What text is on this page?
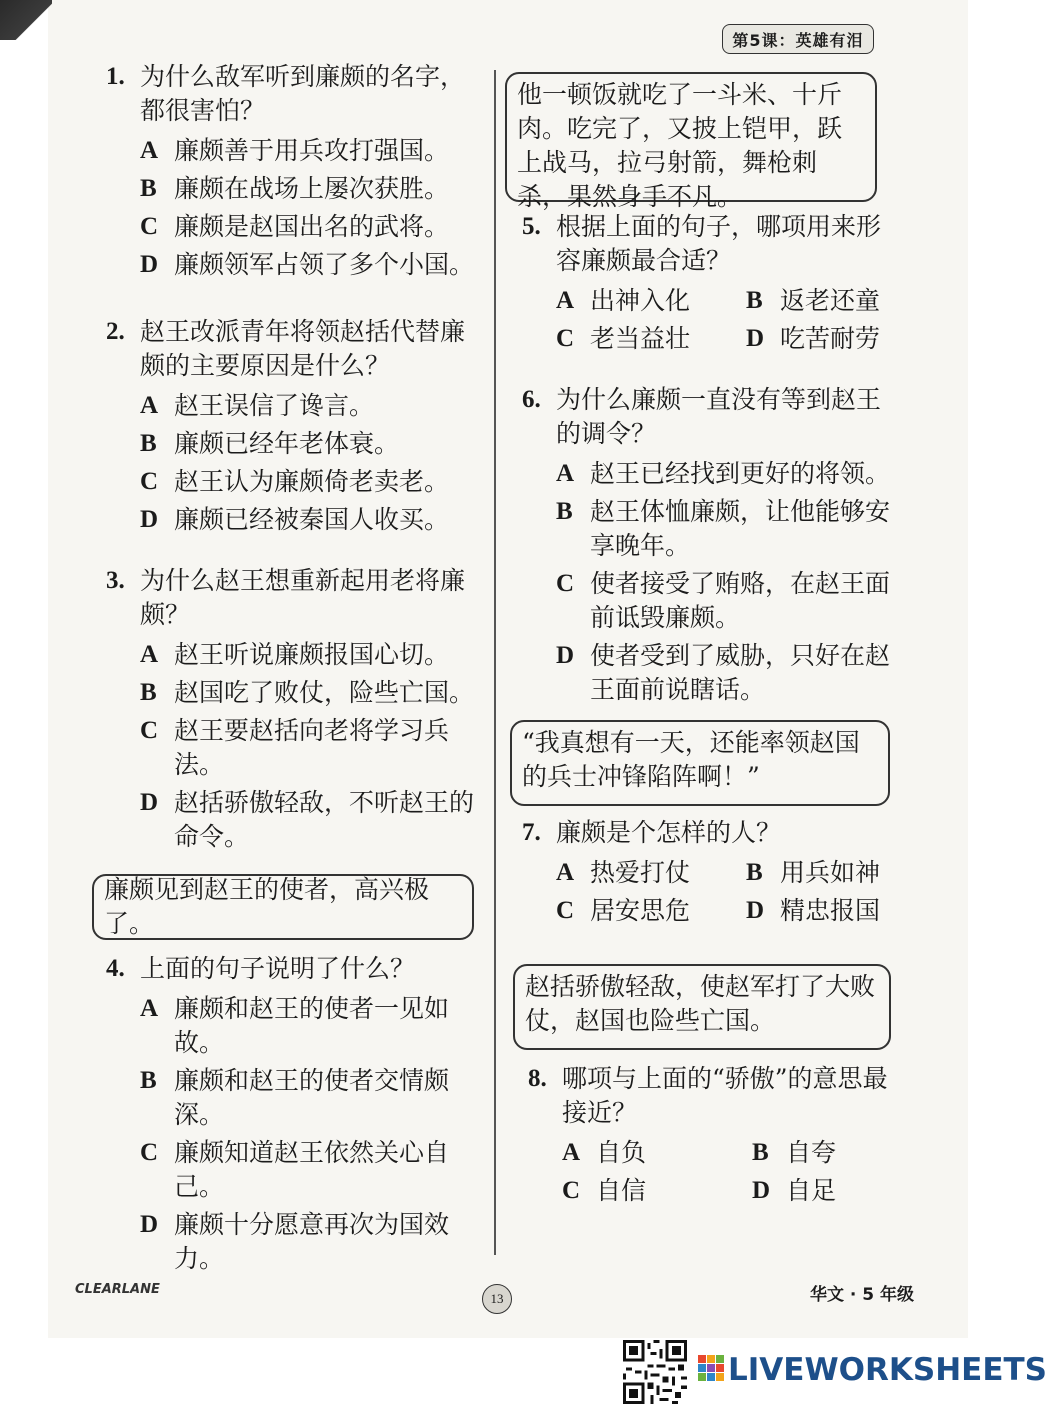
第5课：英雄有泪
1. 为什么敌军听到廉颇的名字，都很害怕？
A 廉颇善于用兵攻打强国。
B 廉颇在战场上屡次获胜。
C 廉颇是赵国出名的武将。
D 廉颇领军占领了多个小国。
2. 赵王改派青年将领赵括代替廉颇的主要原因是什么？
A 赵王误信了谗言。
B 廉颇已经年老体衰。
C 赵王认为廉颇倚老卖老。
D 廉颇已经被秦国人收买。
3. 为什么赵王想重新起用老将廉颇？
A 赵王听说廉颇报国心切。
B 赵国吃了败仗，险些亡国。
C 赵王要赵括向老将学习兵法。
D 赵括骄傲轻敌，不听赵王的命令。
廉颇见到赵王的使者，高兴极了。
4. 上面的句子说明了什么？
A 廉颇和赵王的使者一见如故。
B 廉颇和赵王的使者交情颇深。
C 廉颇知道赵王依然关心自己。
D 廉颇十分愿意再次为国效力。
他一顿饭就吃了一斗米、十斤肉。吃完了，又披上铠甲，跃上战马，拉弓射箭，舞枪刺杀，果然身手不凡。
5. 根据上面的句子，哪项用来形容廉颇最合适？
A 出神入化	B 返老还童
C 老当益壮	D 吃苦耐劳
6. 为什么廉颇一直没有等到赵王的调令？
A 赵王已经找到更好的将领。
B 赵王体恤廉颇，让他能够安享晚年。
C 使者接受了贿赂，在赵王面前诋毁廉颇。
D 使者受到了威胁，只好在赵王面前说瞎话。
“我真想有一天，还能率领赵国的兵士冲锋陷阵啊！”
7. 廉颇是个怎样的人？
A 热爱打仗	B 用兵如神
C 居安思危	D 精忠报国
赵括骄傲轻敌，使赵军打了大败仗，赵国也险些亡国。
8. 哪项与上面的“骄傲”的意思最接近？
A 自负	B 自夸
C 自信	D 自足
CLEARLANE
13	华文 · 5 年级
LIVEWORKSHEETS
